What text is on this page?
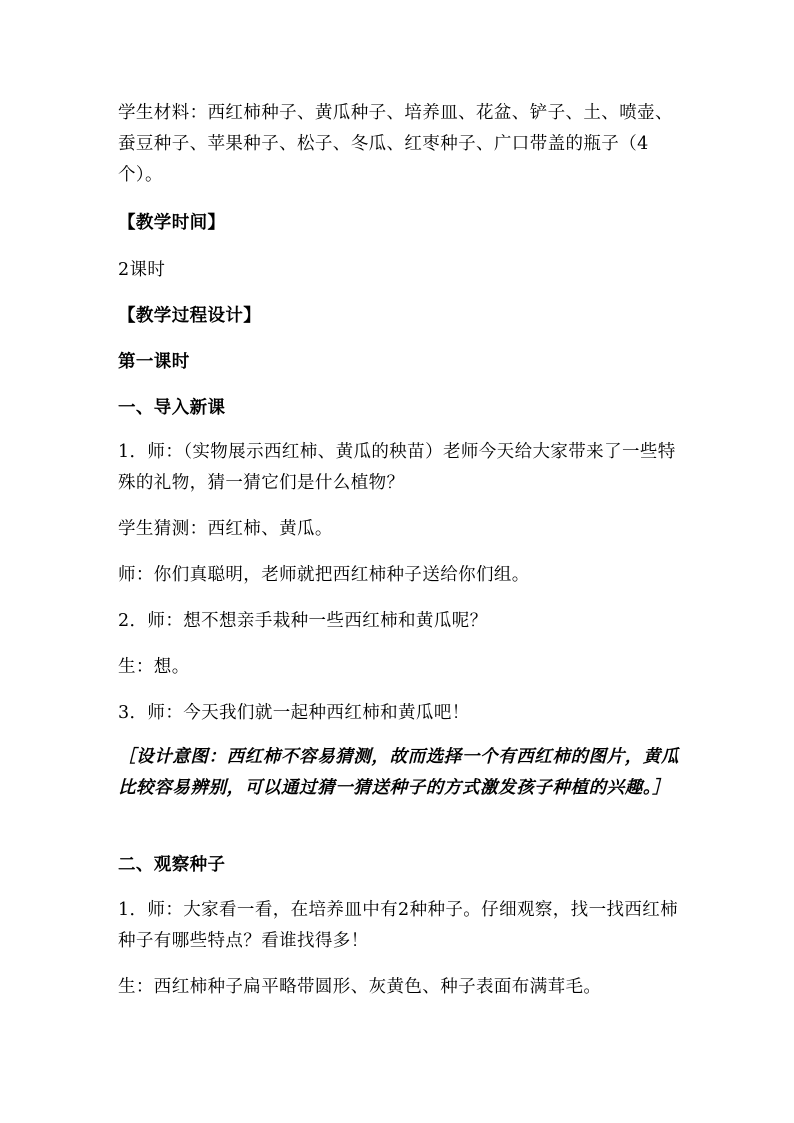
学生材料：西红柿种子、黄瓜种子、培养皿、花盆、铲子、土、喷壶、蚕豆种子、苹果种子、松子、冬瓜、红枣种子、广口带盖的瓶子（4个）。

【教学时间】

2课时

【教学过程设计】

第一课时

一、导入新课

1．师：（实物展示西红柿、黄瓜的秧苗）老师今天给大家带来了一些特殊的礼物，猜一猜它们是什么植物？

学生猜测：西红柿、黄瓜。

师：你们真聪明，老师就把西红柿种子送给你们组。

2．师：想不想亲手栽种一些西红柿和黄瓜呢？

生：想。

3．师：今天我们就一起种西红柿和黄瓜吧！

［设计意图：西红柿不容易猜测，故而选择一个有西红柿的图片，黄瓜比较容易辨别，可以通过猜一猜送种子的方式激发孩子种植的兴趣。］

二、观察种子

1．师：大家看一看，在培养皿中有2种种子。仔细观察，找一找西红柿种子有哪些特点？看谁找得多！

生：西红柿种子扁平略带圆形、灰黄色、种子表面布满茸毛。
